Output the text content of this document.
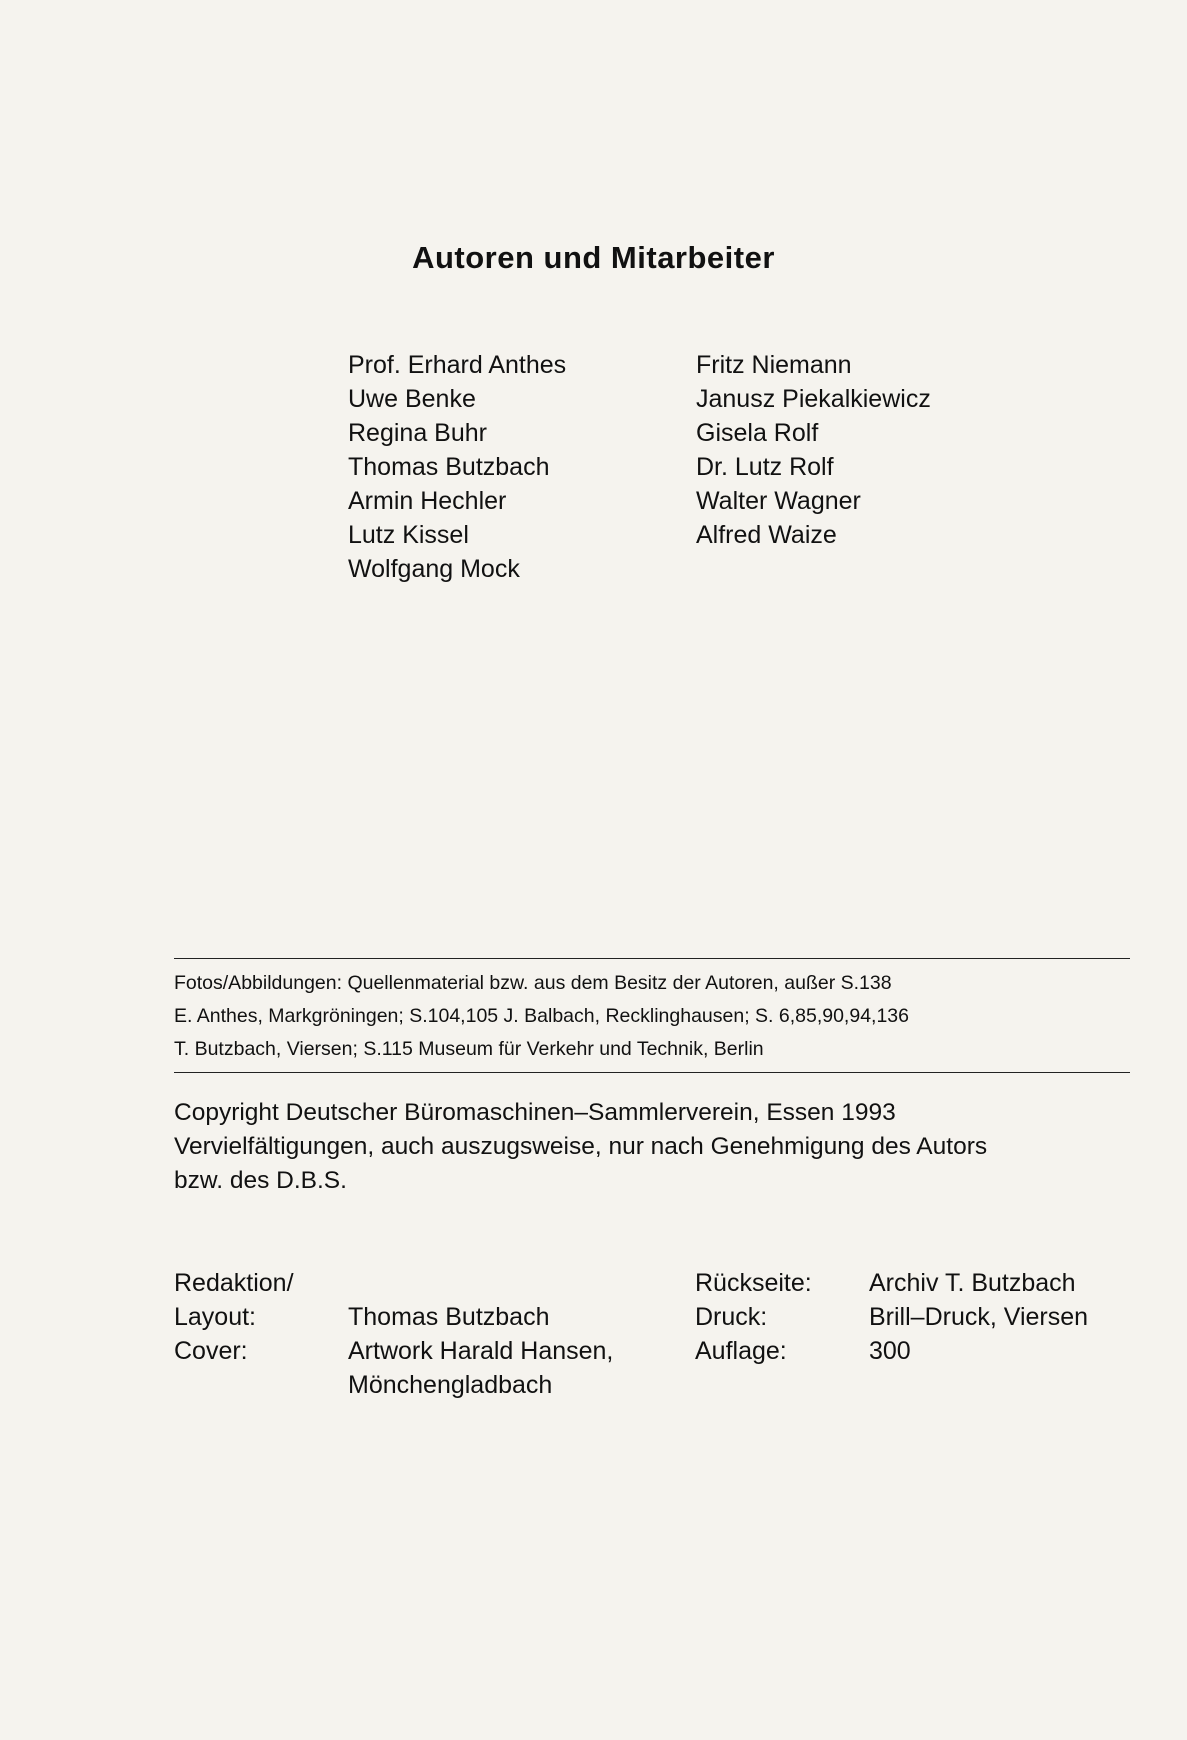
Autoren und Mitarbeiter
Prof. Erhard Anthes
Uwe Benke
Regina Buhr
Thomas Butzbach
Armin Hechler
Lutz Kissel
Wolfgang Mock
Fritz Niemann
Janusz Piekalkiewicz
Gisela Rolf
Dr. Lutz Rolf
Walter Wagner
Alfred Waize
Fotos/Abbildungen: Quellenmaterial bzw. aus dem Besitz der Autoren, außer S.138
E. Anthes, Markgröningen; S.104,105 J. Balbach, Recklinghausen; S. 6,85,90,94,136
T. Butzbach, Viersen; S.115 Museum für Verkehr und Technik, Berlin
Copyright Deutscher Büromaschinen–Sammlerverein, Essen 1993
Vervielfältigungen, auch auszugsweise, nur nach Genehmigung des Autors
bzw. des D.B.S.
Redaktion/
Layout:
Cover:

Thomas Butzbach
Artwork Harald Hansen,
Mönchengladbach
Rückseite:
Druck:
Auflage:
Archiv T. Butzbach
Brill–Druck, Viersen
300
